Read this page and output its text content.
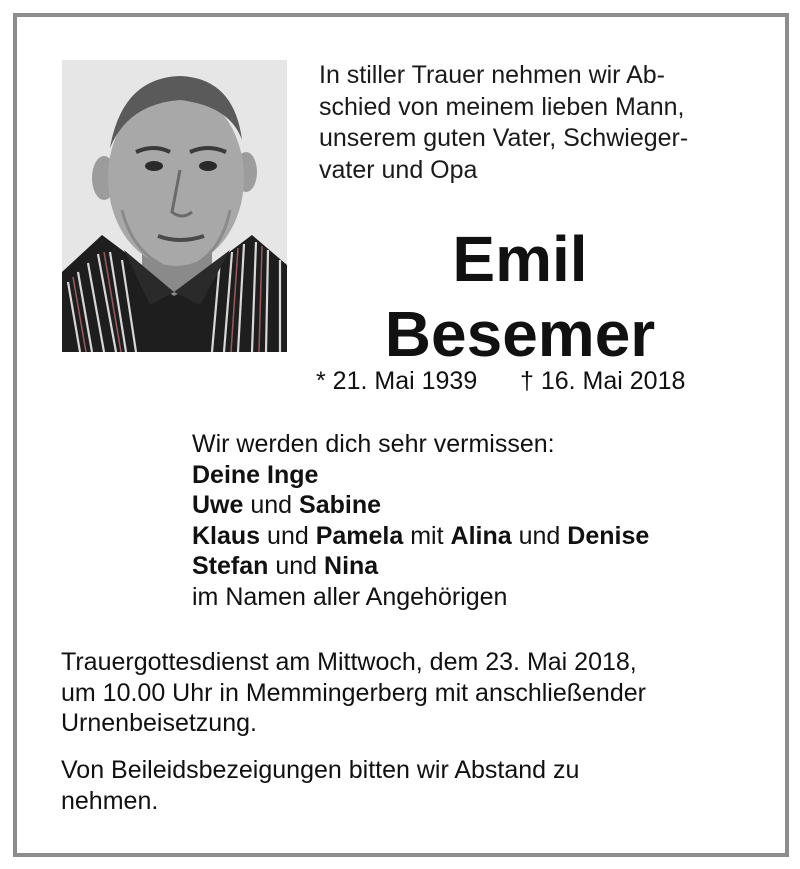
In stiller Trauer nehmen wir Ab-
schied von meinem lieben Mann,
unserem guten Vater, Schwieger-
vater und Opa
Emil
Besemer
* 21. Mai 1939 † 16. Mai 2018
Wir werden dich sehr vermissen:
Deine Inge
Uwe und Sabine
Klaus und Pamela mit Alina und Denise
Stefan und Nina
im Namen aller Angehörigen
Trauergottesdienst am Mittwoch, dem 23. Mai 2018,
um 10.00 Uhr in Memmingerberg mit anschließender
Urnenbeisetzung.
Von Beileidsbezeigungen bitten wir Abstand zu
nehmen.
